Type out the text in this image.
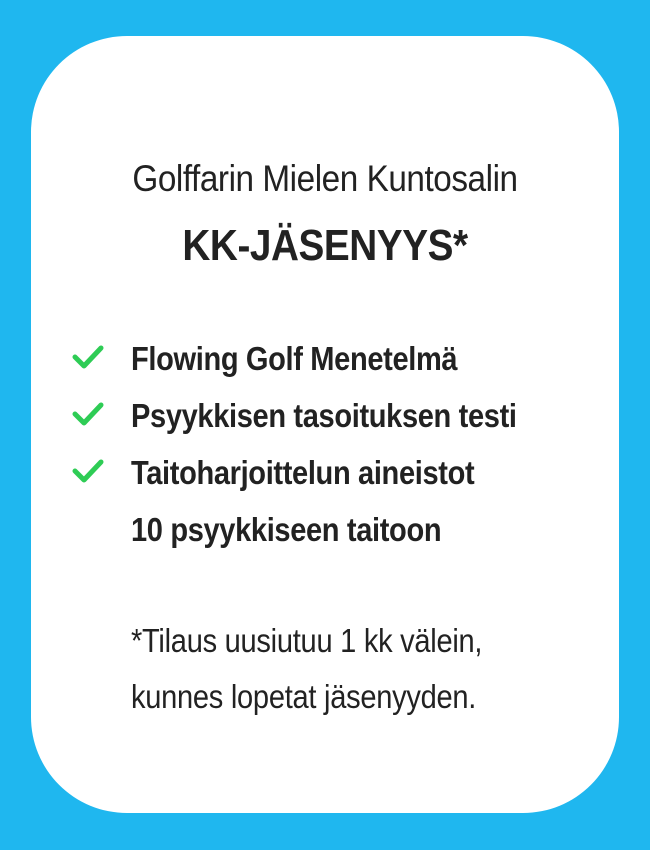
Golffarin Mielen Kuntosalin
KK-JÄSENYYS*
Flowing Golf Menetelmä
Psyykkisen tasoituksen testi
Taitoharjoittelun aineistot
10 psyykkiseen taitoon
*Tilaus uusiutuu 1 kk välein,
kunnes lopetat jäsenyyden.
